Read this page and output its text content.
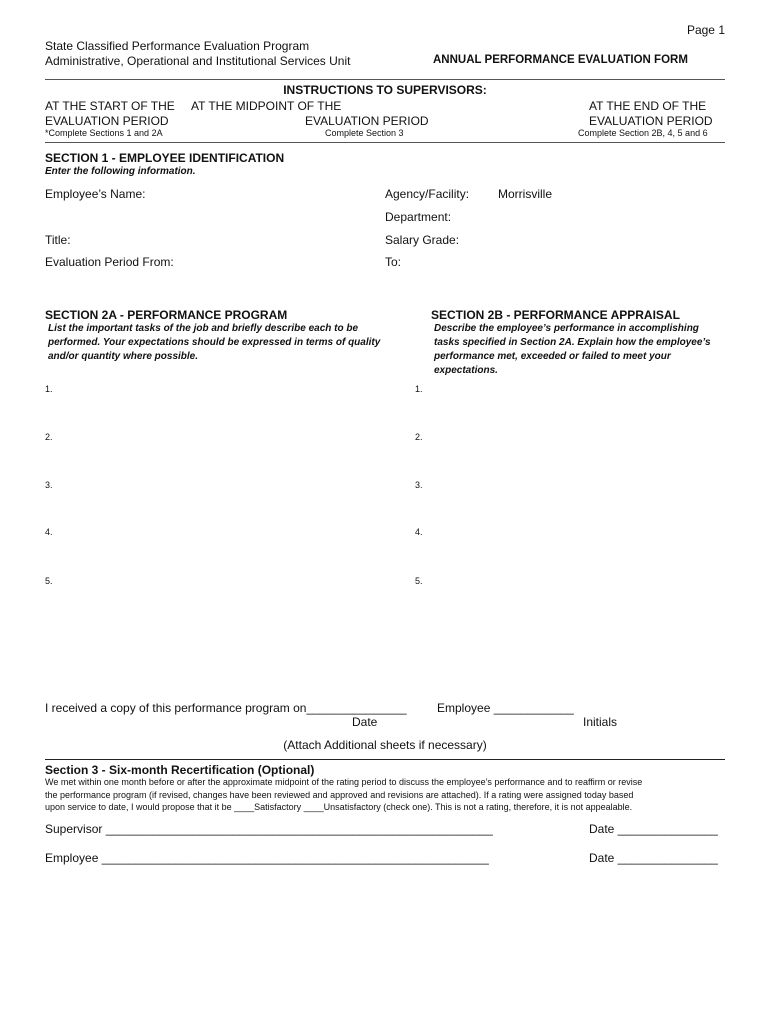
Page 1
State Classified Performance Evaluation Program
Administrative, Operational and Institutional Services Unit	ANNUAL PERFORMANCE EVALUATION FORM
INSTRUCTIONS TO SUPERVISORS:
AT THE START OF THE
EVALUATION PERIOD
*Complete Sections 1 and 2A
AT THE MIDPOINT OF THE
EVALUATION PERIOD
Complete Section 3
AT THE END OF THE
EVALUATION PERIOD
Complete Section 2B, 4, 5 and 6
SECTION 1 - EMPLOYEE IDENTIFICATION
Enter the following information.
Employee’s Name:	Agency/Facility: Morrisville
Department:
Title:	Salary Grade:
Evaluation Period From:	To:
SECTION 2A - PERFORMANCE PROGRAM
List the important tasks of the job and briefly describe each to be performed. Your expectations should be expressed in terms of quality and/or quantity where possible.
1.
2.
3.
4.
5.
SECTION 2B - PERFORMANCE APPRAISAL
Describe the employee’s performance in accomplishing tasks specified in Section 2A. Explain how the employee’s performance met, exceeded or failed to meet your expectations.
1.
2.
3.
4.
5.
I received a copy of this performance program on_______________	Employee ____________
Date	Initials
(Attach Additional sheets if necessary)
Section 3 - Six-month Recertification (Optional)
We met within one month before or after the approximate midpoint of the rating period to discuss the employee’s performance and to reaffirm or revise
the performance program (if revised, changes have been reviewed and approved and revisions are attached). If a rating were assigned today based
upon service to date, I would propose that it be ____Satisfactory ____Unsatisfactory (check one). This is not a rating, therefore, it is not appealable.
Supervisor __________________________________________________________	Date _______________
Employee __________________________________________________________	Date _______________
